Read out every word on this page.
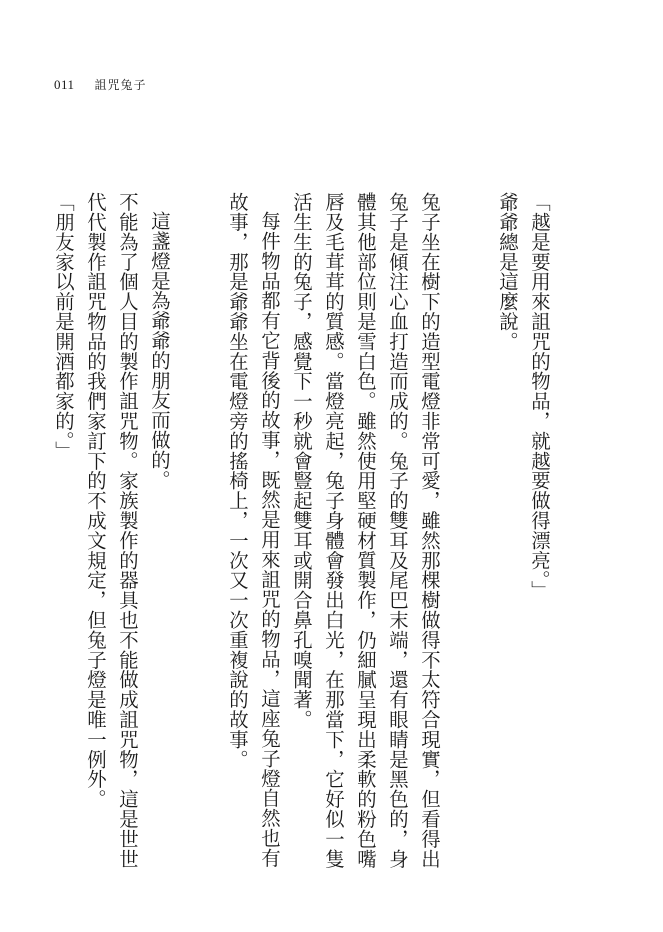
011 詛咒兔子

「越是要用來詛咒的物品，就越要做得漂亮。」

爺爺總是這麼說。

兔子坐在樹下的造型電燈非常可愛，雖然那棵樹做得不太符合現實，但看得出兔子是傾注心血打造而成的。兔子的雙耳及尾巴末端，還有眼睛是黑色的，身體其他部位則是雪白色。雖然使用堅硬材質製作，仍細膩呈現出柔軟的粉色嘴唇及毛茸茸的質感。當燈亮起，兔子身體會發出白光，在那當下，它好似一隻活生生的兔子，感覺下一秒就會豎起雙耳或開合鼻孔嗅聞著。

每件物品都有它背後的故事，既然是用來詛咒的物品，這座兔子燈自然也有故事，那是爺爺坐在電燈旁的搖椅上，一次又一次重複說的故事。

這盞燈是為爺爺的朋友而做的。

不能為了個人目的製作詛咒物。家族製作的器具也不能做成詛咒物，這是世世代代製作詛咒物品的我們家訂下的不成文規定，但兔子燈是唯一例外。

「朋友家以前是開酒都家的。」
